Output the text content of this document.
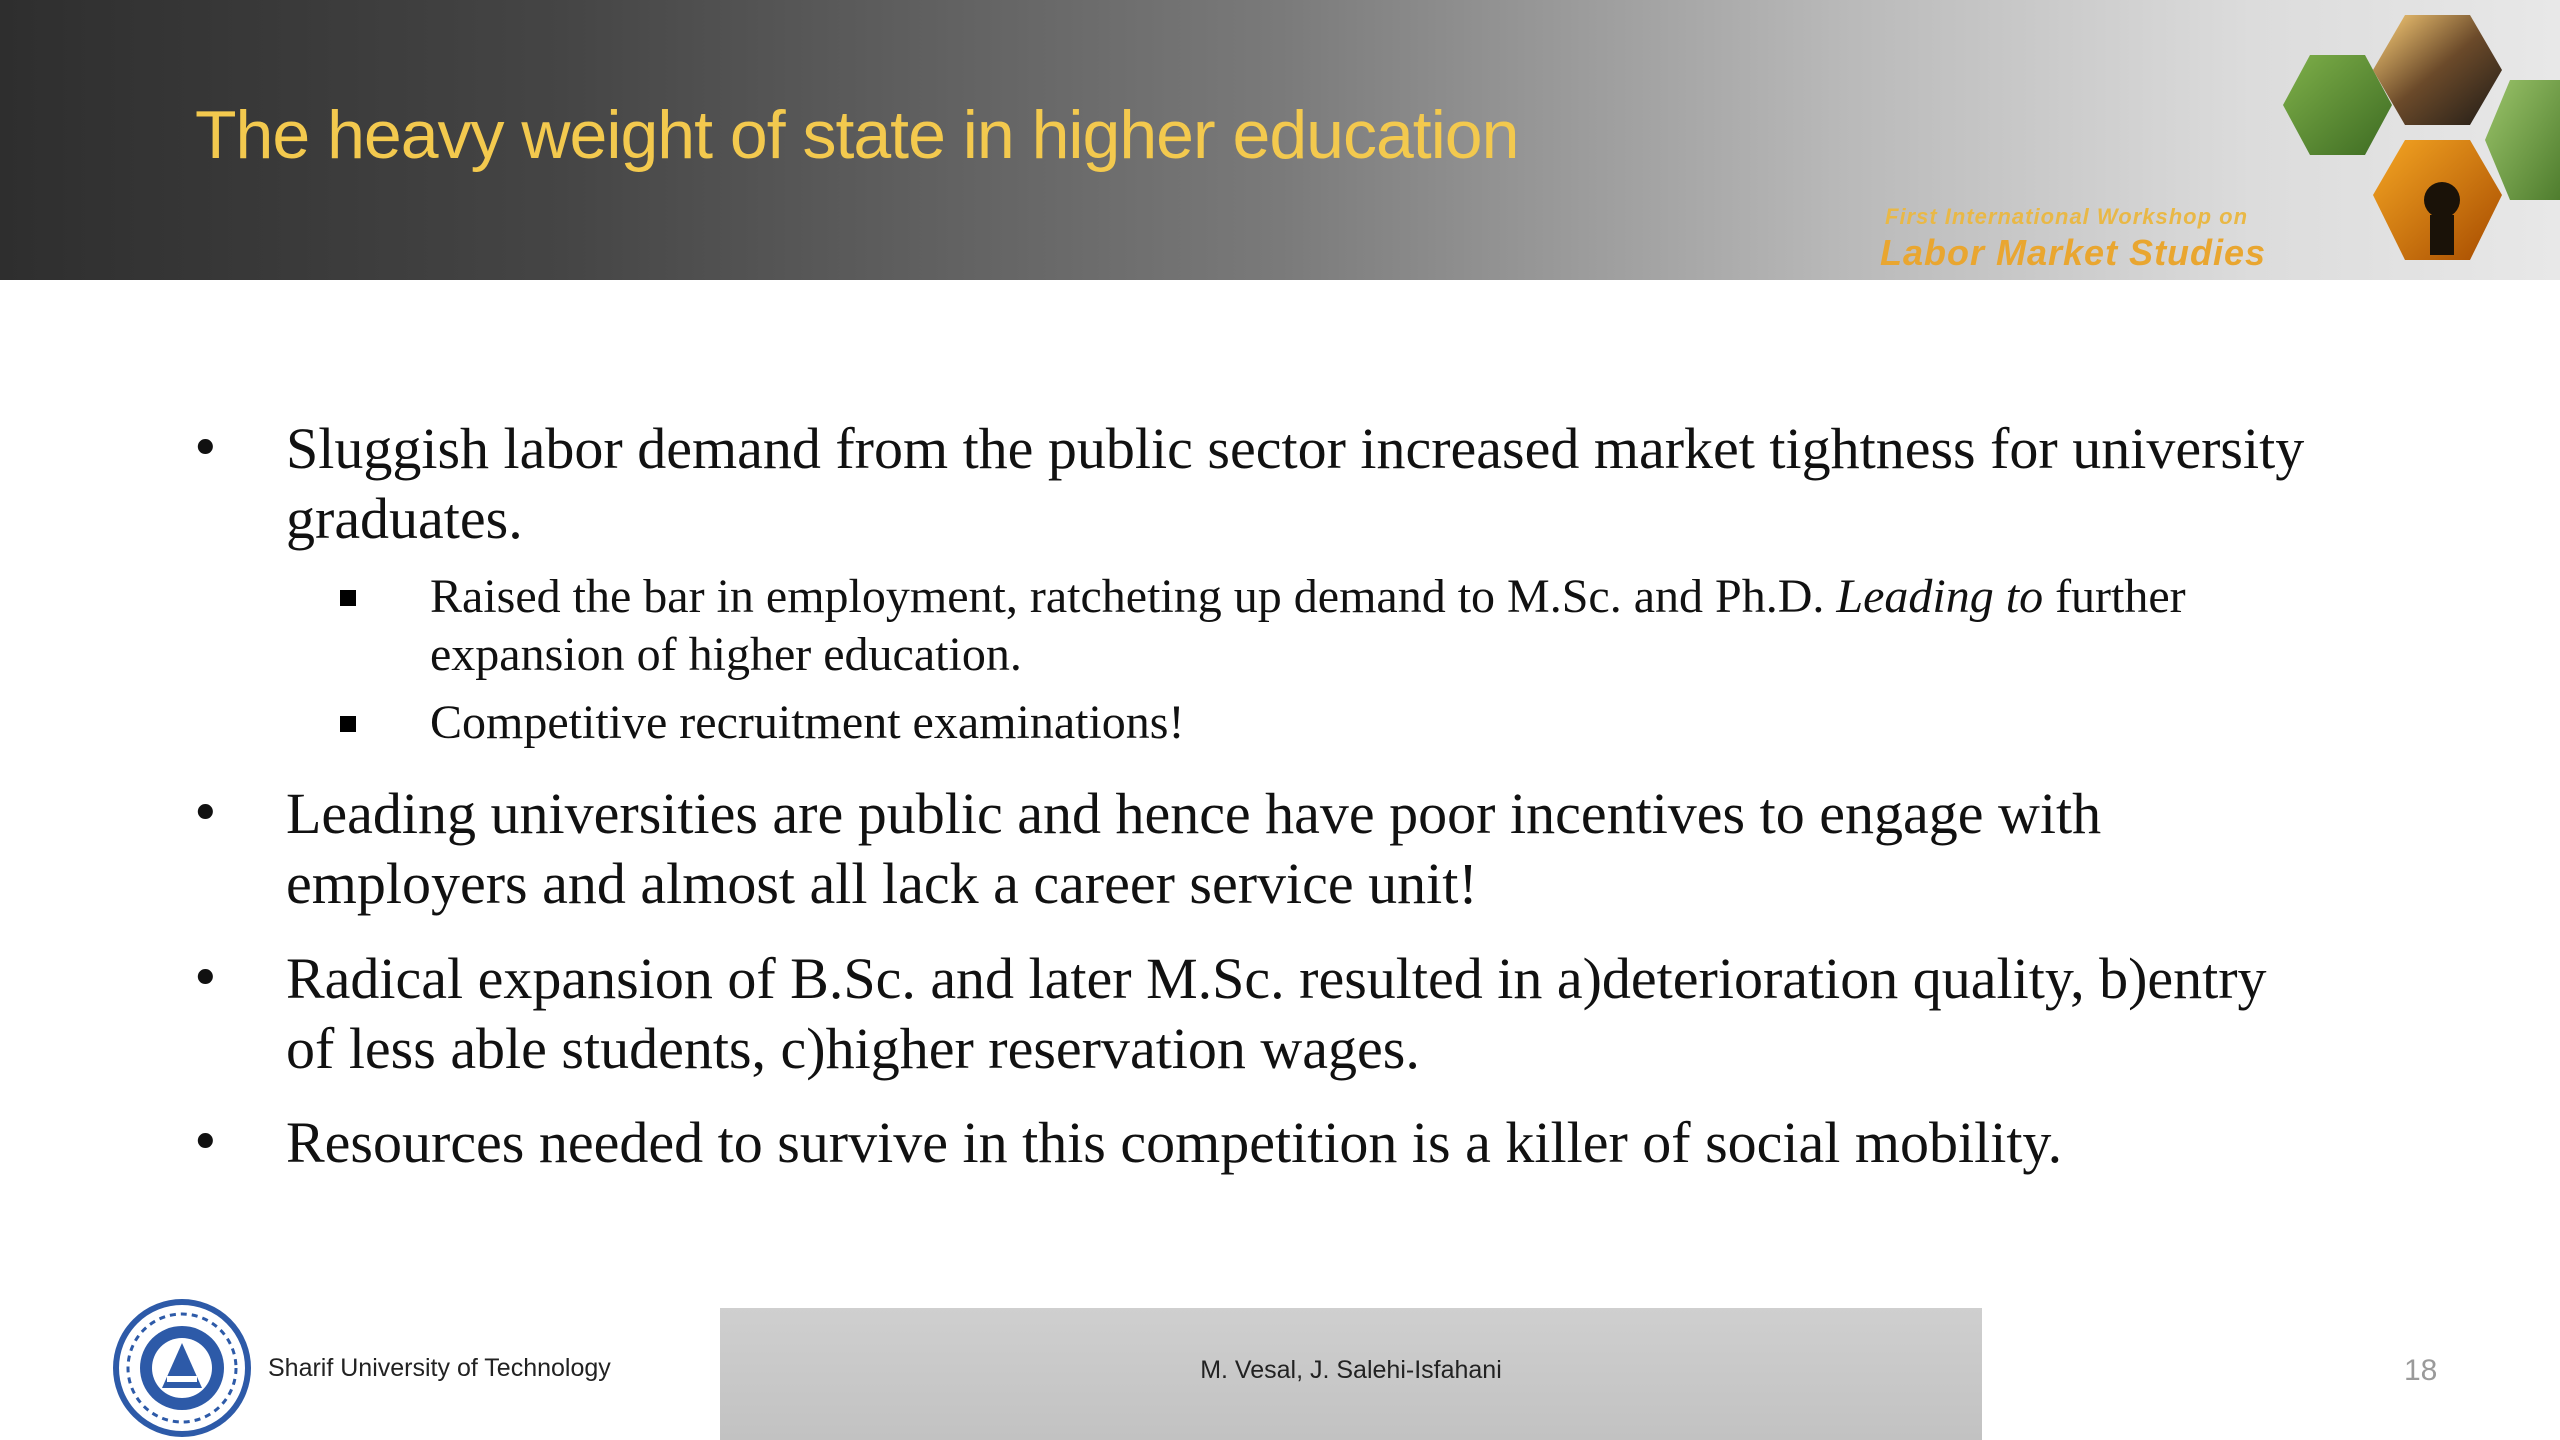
The heavy weight of state in higher education
First International Workshop on
Labor Market Studies
• Sluggish labor demand from the public sector increased market tightness for university graduates.
Raised the bar in employment, ratcheting up demand to M.Sc. and Ph.D. Leading to further expansion of higher education.
Competitive recruitment examinations!
• Leading universities are public and hence have poor incentives to engage with employers and almost all lack a career service unit!
• Radical expansion of B.Sc. and later M.Sc. resulted in a)deterioration quality, b)entry of less able students, c)higher reservation wages.
• Resources needed to survive in this competition is a killer of social mobility.
Sharif University of Technology	M. Vesal, J. Salehi-Isfahani	18
